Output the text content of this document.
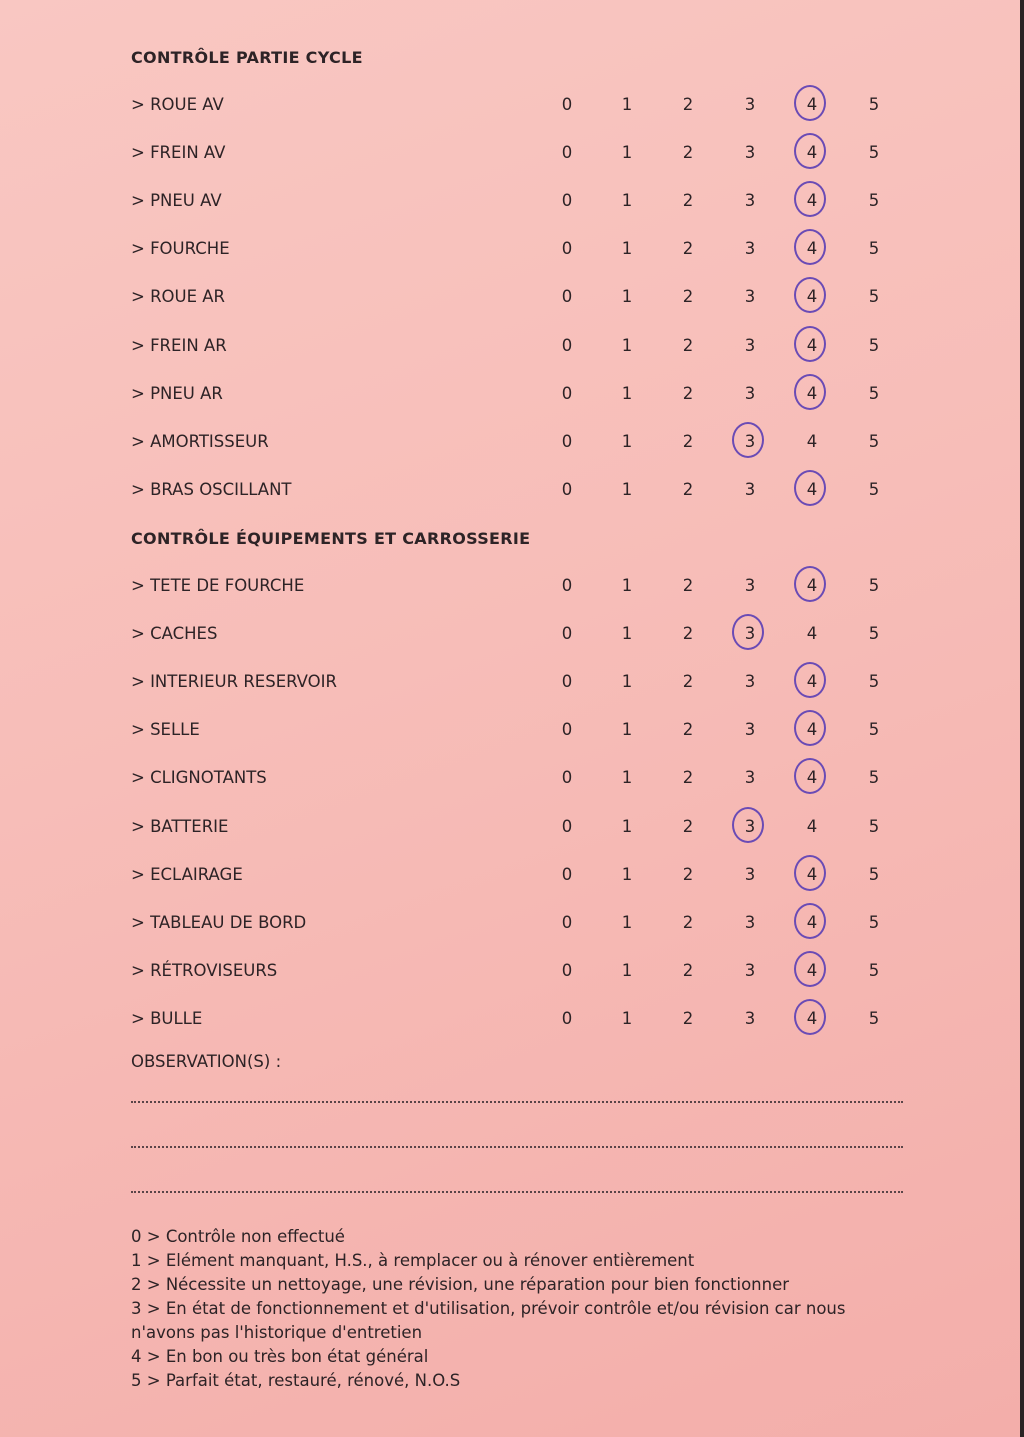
CONTRÔLE PARTIE CYCLE
> ROUE AV	0	1	2	3	4	5
> FREIN AV	0	1	2	3	4	5
> PNEU AV	0	1	2	3	4	5
> FOURCHE	0	1	2	3	4	5
> ROUE AR	0	1	2	3	4	5
> FREIN AR	0	1	2	3	4	5
> PNEU AR	0	1	2	3	4	5
> AMORTISSEUR	0	1	2	3	4	5
> BRAS OSCILLANT	0	1	2	3	4	5
CONTRÔLE ÉQUIPEMENTS ET CARROSSERIE
> TETE DE FOURCHE	0	1	2	3	4	5
> CACHES	0	1	2	3	4	5
> INTERIEUR RESERVOIR	0	1	2	3	4	5
> SELLE	0	1	2	3	4	5
> CLIGNOTANTS	0	1	2	3	4	5
> BATTERIE	0	1	2	3	4	5
> ECLAIRAGE	0	1	2	3	4	5
> TABLEAU DE BORD	0	1	2	3	4	5
> RÉTROVISEURS	0	1	2	3	4	5
> BULLE	0	1	2	3	4	5
OBSERVATION(S) :
0 > Contrôle non effectué
1 > Elément manquant, H.S., à remplacer ou à rénover entièrement
2 > Nécessite un nettoyage, une révision, une réparation pour bien fonctionner
3 > En état de fonctionnement et d'utilisation, prévoir contrôle et/ou révision car nous
n'avons pas l'historique d'entretien
4 > En bon ou très bon état général
5 > Parfait état, restauré, rénové, N.O.S
